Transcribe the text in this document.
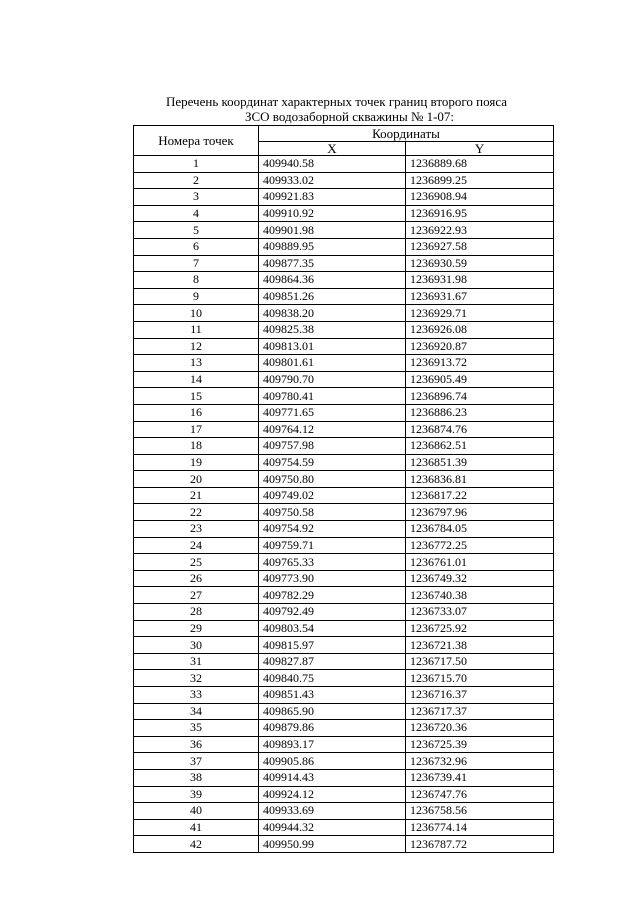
Перечень координат характерных точек границ второго пояса
ЗСО водозаборной скважины № 1-07:
Номера точек	Координаты	
	X	Y
1	409940.58	1236889.68
2	409933.02	1236899.25
3	409921.83	1236908.94
4	409910.92	1236916.95
5	409901.98	1236922.93
6	409889.95	1236927.58
7	409877.35	1236930.59
8	409864.36	1236931.98
9	409851.26	1236931.67
10	409838.20	1236929.71
11	409825.38	1236926.08
12	409813.01	1236920.87
13	409801.61	1236913.72
14	409790.70	1236905.49
15	409780.41	1236896.74
16	409771.65	1236886.23
17	409764.12	1236874.76
18	409757.98	1236862.51
19	409754.59	1236851.39
20	409750.80	1236836.81
21	409749.02	1236817.22
22	409750.58	1236797.96
23	409754.92	1236784.05
24	409759.71	1236772.25
25	409765.33	1236761.01
26	409773.90	1236749.32
27	409782.29	1236740.38
28	409792.49	1236733.07
29	409803.54	1236725.92
30	409815.97	1236721.38
31	409827.87	1236717.50
32	409840.75	1236715.70
33	409851.43	1236716.37
34	409865.90	1236717.37
35	409879.86	1236720.36
36	409893.17	1236725.39
37	409905.86	1236732.96
38	409914.43	1236739.41
39	409924.12	1236747.76
40	409933.69	1236758.56
41	409944.32	1236774.14
42	409950.99	1236787.72
